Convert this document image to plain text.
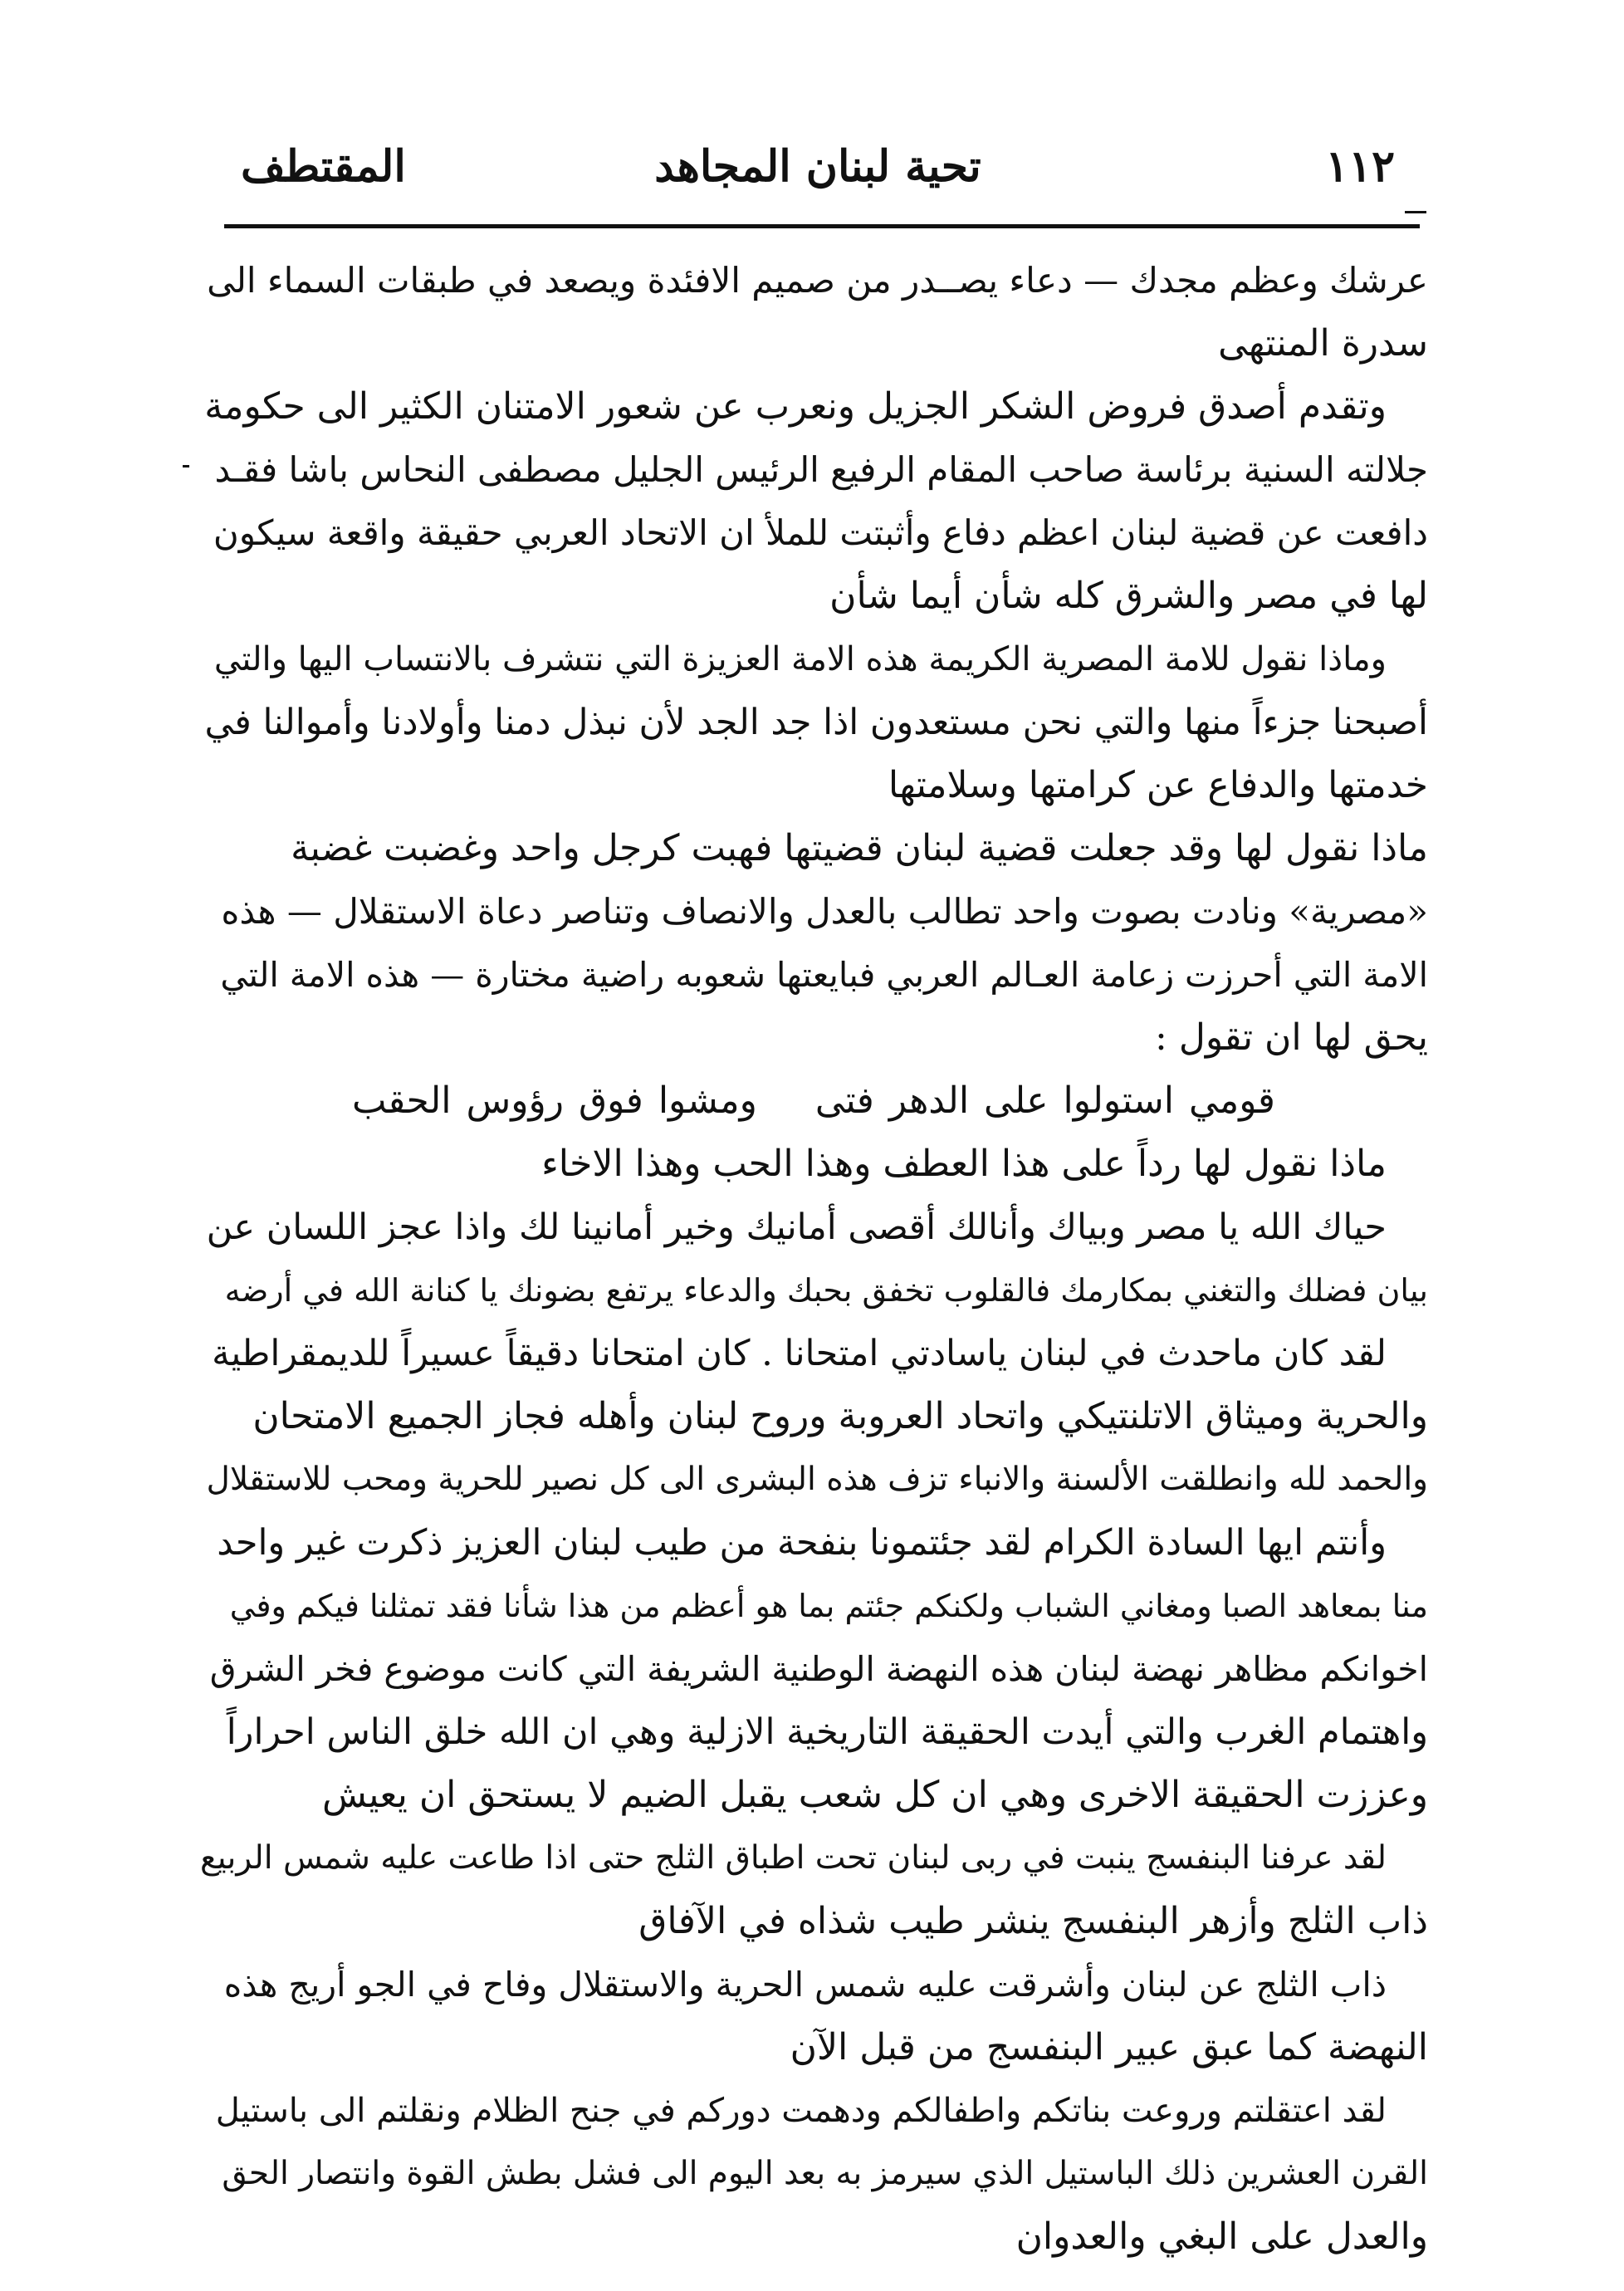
١١٢
تحية لبنان المجاهد
المقتطف
عرشك وعظم مجدك — دعاء يصــدر من صميم الافئدة ويصعد في طبقات السماء الى
سدرة المنتهى
وتقدم أصدق فروض الشكر الجزيل ونعرب عن شعور الامتنان الكثير الى حكومة
جلالته السنية برئاسة صاحب المقام الرفيع الرئيس الجليل مصطفى النحاس باشا فقـد
دافعت عن قضية لبنان اعظم دفاع وأثبتت للملأ ان الاتحاد العربي حقيقة واقعة سيكون
لها في مصر والشرق كله شأن أيما شأن
وماذا نقول للامة المصرية الكريمة هذه الامة العزيزة التي نتشرف بالانتساب اليها والتي
أصبحنا جزءاً منها والتي نحن مستعدون اذا جد الجد لأن نبذل دمنا وأولادنا وأموالنا في
خدمتها والدفاع عن كرامتها وسلامتها
ماذا نقول لها وقد جعلت قضية لبنان قضيتها فهبت كرجل واحد وغضبت غضبة
«مصرية» ونادت بصوت واحد تطالب بالعدل والانصاف وتناصر دعاة الاستقلال — هذه
الامة التي أحرزت زعامة العـالم العربي فبايعتها شعوبه راضية مختارة — هذه الامة التي
يحق لها ان تقول :
قومي استولوا على الدهر فتىومشوا فوق رؤوس الحقب
ماذا نقول لها رداً على هذا العطف وهذا الحب وهذا الاخاء
حياك الله يا مصر وبياك وأنالك أقصى أمانيك وخير أمانينا لك واذا عجز اللسان عن
بيان فضلك والتغني بمكارمك فالقلوب تخفق بحبك والدعاء يرتفع بضونك يا كنانة الله في أرضه
لقد كان ماحدث في لبنان ياسادتي امتحانا . كان امتحانا دقيقاً عسيراً للديمقراطية
والحرية وميثاق الاتلنتيكي واتحاد العروبة وروح لبنان وأهله فجاز الجميع الامتحان
والحمد لله وانطلقت الألسنة والانباء تزف هذه البشرى الى كل نصير للحرية ومحب للاستقلال
وأنتم ايها السادة الكرام لقد جئتمونا بنفحة من طيب لبنان العزيز ذكرت غير واحد
منا بمعاهد الصبا ومغاني الشباب ولكنكم جئتم بما هو أعظم من هذا شأنا فقد تمثلنا فيكم وفي
اخوانكم مظاهر نهضة لبنان هذه النهضة الوطنية الشريفة التي كانت موضوع فخر الشرق
واهتمام الغرب والتي أيدت الحقيقة التاريخية الازلية وهي ان الله خلق الناس احراراً
وعززت الحقيقة الاخرى وهي ان كل شعب يقبل الضيم لا يستحق ان يعيش
لقد عرفنا البنفسج ينبت في ربى لبنان تحت اطباق الثلج حتى اذا طاعت عليه شمس الربيع
ذاب الثلج وأزهر البنفسج ينشر طيب شذاه في الآفاق
ذاب الثلج عن لبنان وأشرقت عليه شمس الحرية والاستقلال وفاح في الجو أريج هذه
النهضة كما عبق عبير البنفسج من قبل الآن
لقد اعتقلتم وروعت بناتكم واطفالكم ودهمت دوركم في جنح الظلام ونقلتم الى باستيل
القرن العشرين ذلك الباستيل الذي سيرمز به بعد اليوم الى فشل بطش القوة وانتصار الحق
والعدل على البغي والعدوان
